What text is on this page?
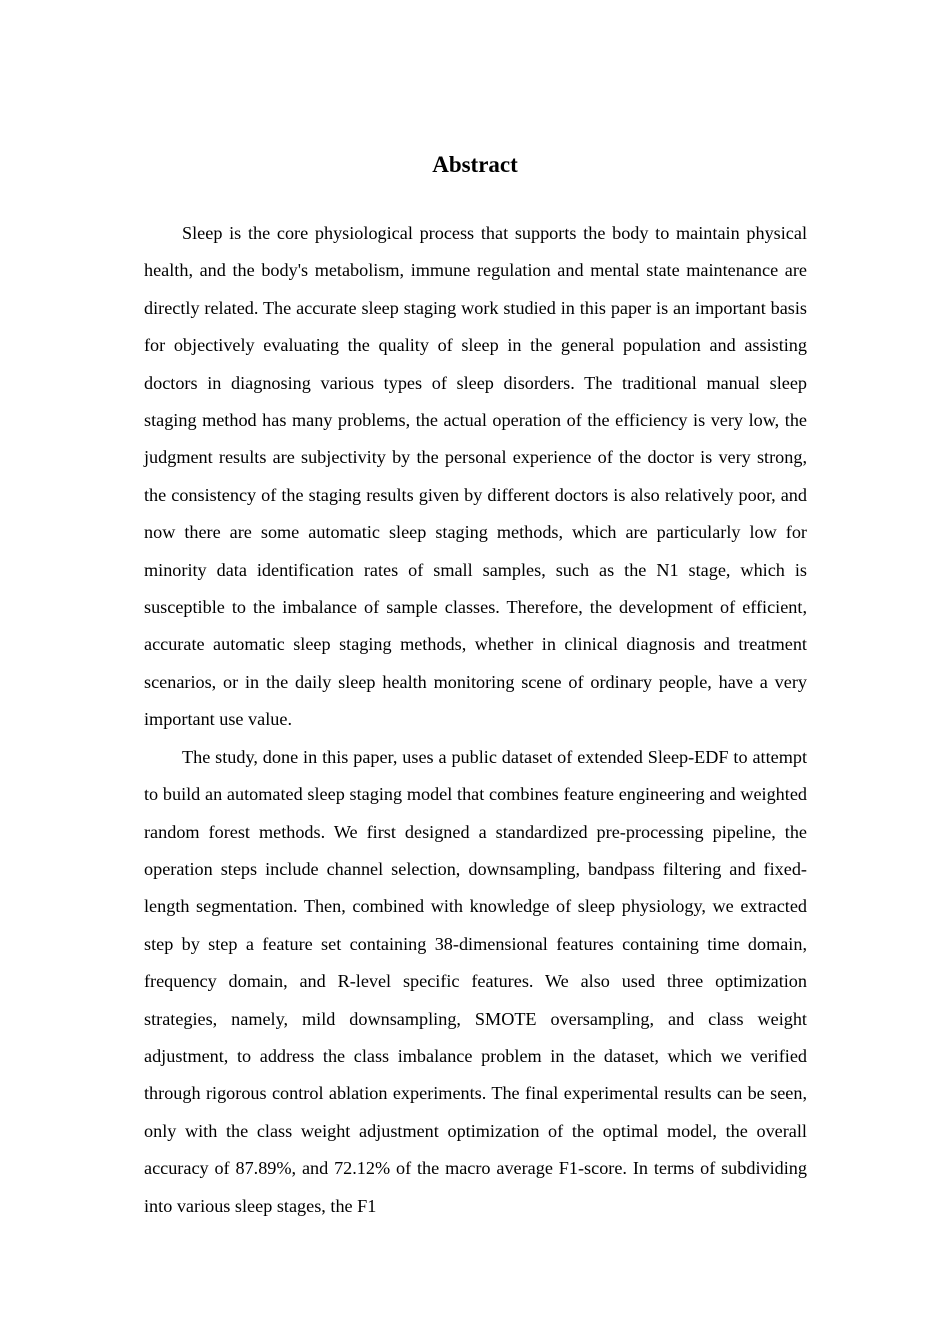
Abstract

Sleep is the core physiological process that supports the body to maintain physical health, and the body's metabolism, immune regulation and mental state maintenance are directly related. The accurate sleep staging work studied in this paper is an important basis for objectively evaluating the quality of sleep in the general population and assisting doctors in diagnosing various types of sleep disorders. The traditional manual sleep staging method has many problems, the actual operation of the efficiency is very low, the judgment results are subjectivity by the personal experience of the doctor is very strong, the consistency of the staging results given by different doctors is also relatively poor, and now there are some automatic sleep staging methods, which are particularly low for minority data identification rates of small samples, such as the N1 stage, which is susceptible to the imbalance of sample classes. Therefore, the development of efficient, accurate automatic sleep staging methods, whether in clinical diagnosis and treatment scenarios, or in the daily sleep health monitoring scene of ordinary people, have a very important use value.

The study, done in this paper, uses a public dataset of extended Sleep-EDF to attempt to build an automated sleep staging model that combines feature engineering and weighted random forest methods. We first designed a standardized pre-processing pipeline, the operation steps include channel selection, downsampling, bandpass filtering and fixed-length segmentation. Then, combined with knowledge of sleep physiology, we extracted step by step a feature set containing 38-dimensional features containing time domain, frequency domain, and R-level specific features. We also used three optimization strategies, namely, mild downsampling, SMOTE oversampling, and class weight adjustment, to address the class imbalance problem in the dataset, which we verified through rigorous control ablation experiments. The final experimental results can be seen, only with the class weight adjustment optimization of the optimal model, the overall accuracy of 87.89%, and 72.12% of the macro average F1-score. In terms of subdividing into various sleep stages, the F1
